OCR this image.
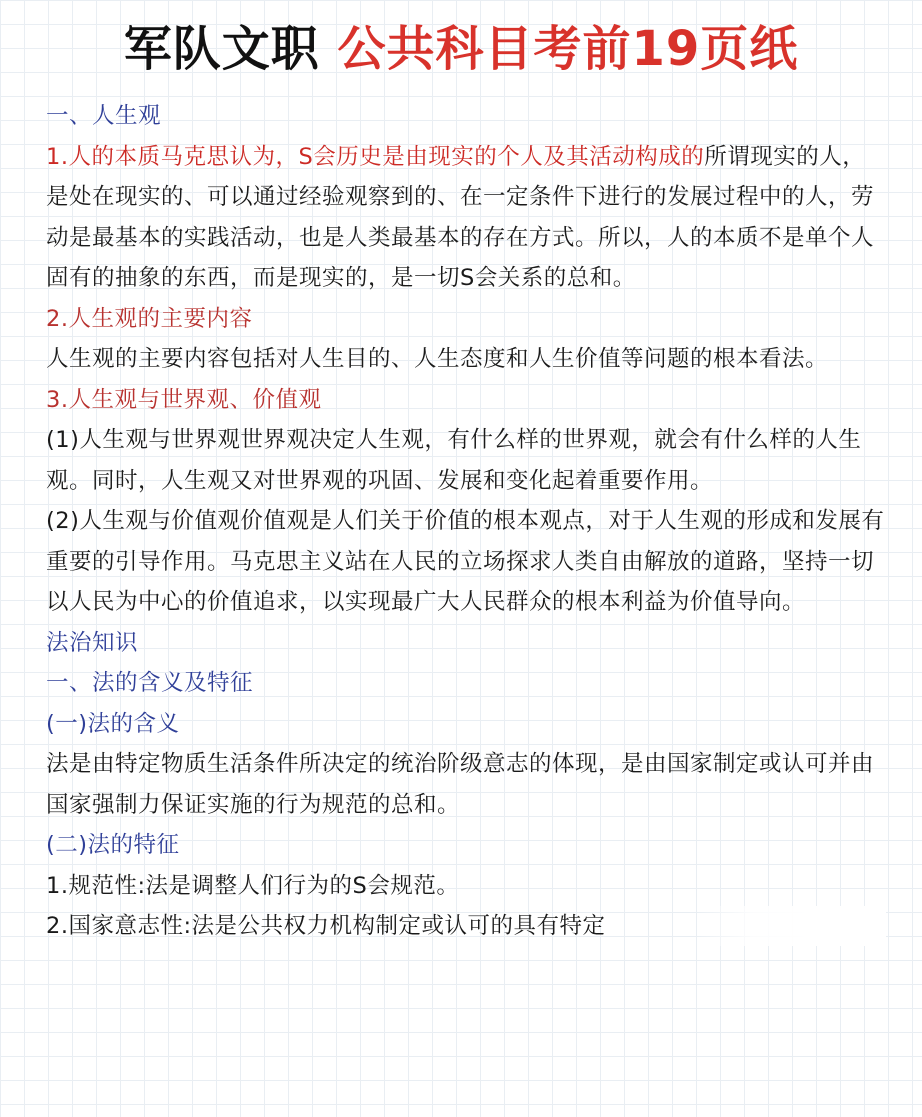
军队文职 公共科目考前19页纸

一、人生观

1.人的本质马克思认为，S会历史是由现实的个人及其活动构成的所谓现实的人，是处在现实的、可以通过经验观察到的、在一定条件下进行的发展过程中的人，劳动是最基本的实践活动，也是人类最基本的存在方式。所以，人的本质不是单个人固有的抽象的东西，而是现实的，是一切S会关系的总和。

2.人生观的主要内容

人生观的主要内容包括对人生目的、人生态度和人生价值等问题的根本看法。

3.人生观与世界观、价值观

(1)人生观与世界观世界观决定人生观，有什么样的世界观，就会有什么样的人生观。同时，人生观又对世界观的巩固、发展和变化起着重要作用。

(2)人生观与价值观价值观是人们关于价值的根本观点，对于人生观的形成和发展有重要的引导作用。马克思主义站在人民的立场探求人类自由解放的道路，坚持一切以人民为中心的价值追求，以实现最广大人民群众的根本利益为价值导向。

法治知识

一、法的含义及特征

(一)法的含义

法是由特定物质生活条件所决定的统治阶级意志的体现，是由国家制定或认可并由国家强制力保证实施的行为规范的总和。

(二)法的特征

1.规范性:法是调整人们行为的S会规范。

2.国家意志性:法是公共权力机构制定或认可的具有特定
